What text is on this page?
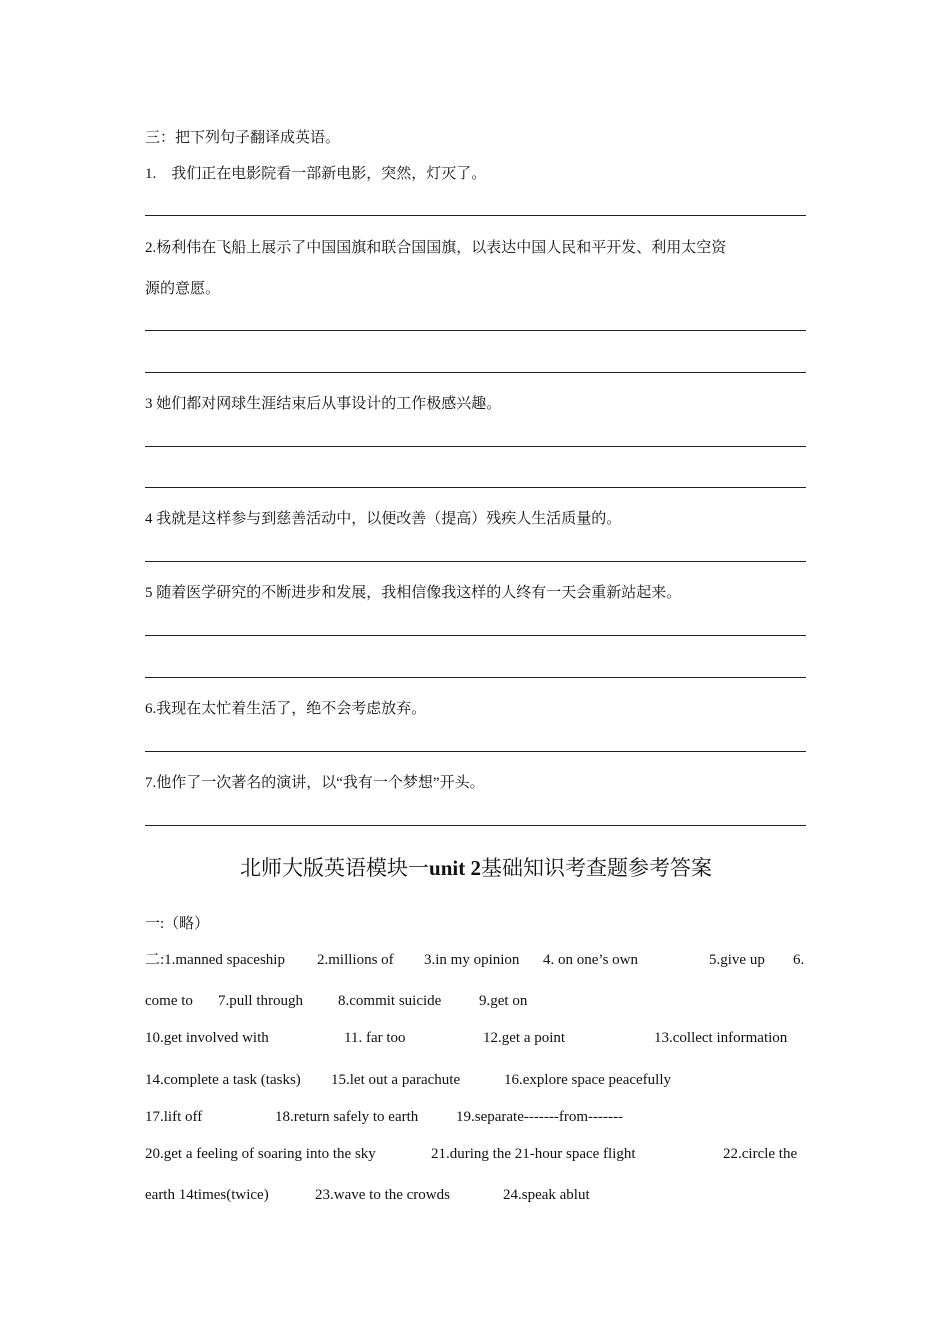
三：把下列句子翻译成英语。
1.　我们正在电影院看一部新电影，突然，灯灭了。
2.杨利伟在飞船上展示了中国国旗和联合国国旗，以表达中国人民和平开发、利用太空资
源的意愿。
3 她们都对网球生涯结束后从事设计的工作极感兴趣。
4 我就是这样参与到慈善活动中，以便改善（提高）残疾人生活质量的。
5 随着医学研究的不断进步和发展，我相信像我这样的人终有一天会重新站起来。
6.我现在太忙着生活了，绝不会考虑放弃。
7.他作了一次著名的演讲，以“我有一个梦想”开头。
北师大版英语模块一unit 2基础知识考查题参考答案
一:（略）
二:1.manned spaceship 2.millions of 3.in my opinion 4. on one’s own	5.give up 6.
come to 7.pull through 8.commit suicide	9.get on
10.get involved with	11. far too	12.get a point	13.collect information
14.complete a task (tasks) 15.let out a parachute	16.explore space peacefully
17.lift off	18.return safely to earth	19.separate-------from-------
20.get a feeling of soaring into the sky	21.during the 21-hour space flight	22.circle the
earth 14times(twice)	23.wave to the crowds	24.speak ablut
